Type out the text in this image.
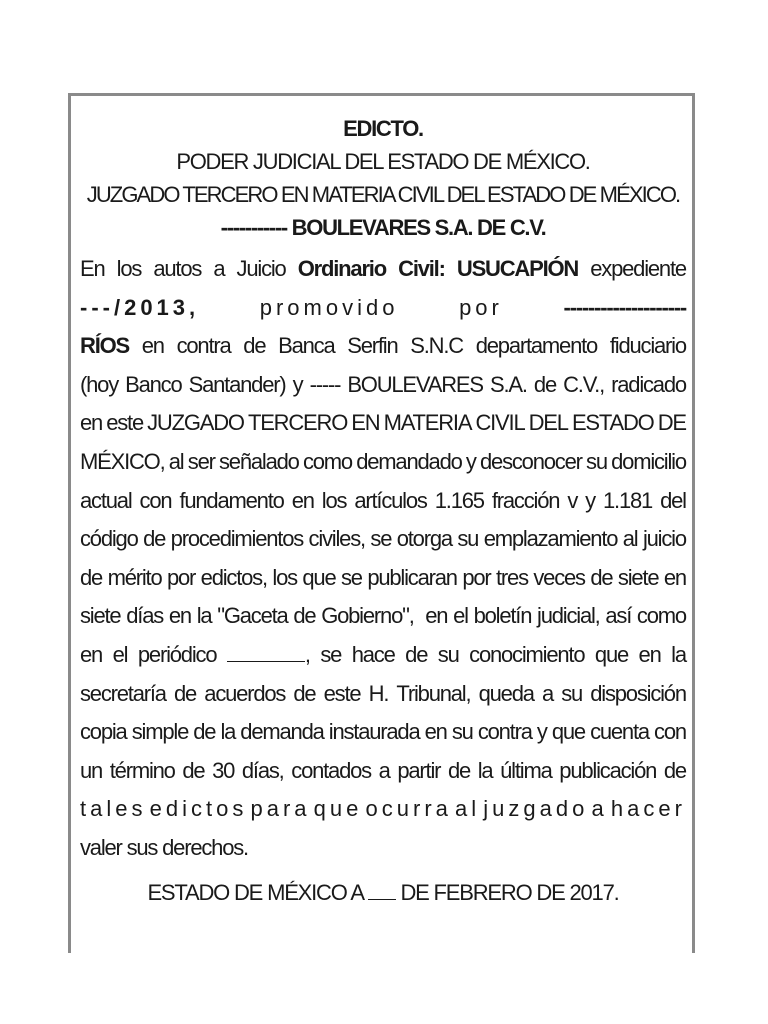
EDICTO.
PODER JUDICIAL DEL ESTADO DE MÉXICO.
JUZGADO TERCERO EN MATERIA CIVIL DEL ESTADO DE MÉXICO.
----------- BOULEVARES S.A. DE C.V.
En los autos a Juicio Ordinario Civil: USUCAPIÓN expediente
---/2013,	promovido	por	--------------------
RÍOS en contra de Banca Serfin S.N.C departamento fiduciario
(hoy Banco Santander) y ----- BOULEVARES S.A. de C.V., radicado
en este JUZGADO TERCERO EN MATERIA CIVIL DEL ESTADO DE
MÉXICO, al ser señalado como demandado y desconocer su domicilio
actual con fundamento en los artículos 1.165 fracción v y 1.181 del
código de procedimientos civiles, se otorga su emplazamiento al juicio
de mérito por edictos, los que se publicaran por tres veces de siete en
siete días en la "Gaceta de Gobierno", en el boletín judicial, así como
en el periódico	, se hace de su conocimiento que en la
secretaría de acuerdos de este H. Tribunal, queda a su disposición
copia simple de la demanda instaurada en su contra y que cuenta con
un término de 30 días, contados a partir de la última publicación de
tales edictos para que ocurra al juzgado a hacer
valer sus derechos.
ESTADO DE MÉXICO A DE FEBRERO DE 2017.
